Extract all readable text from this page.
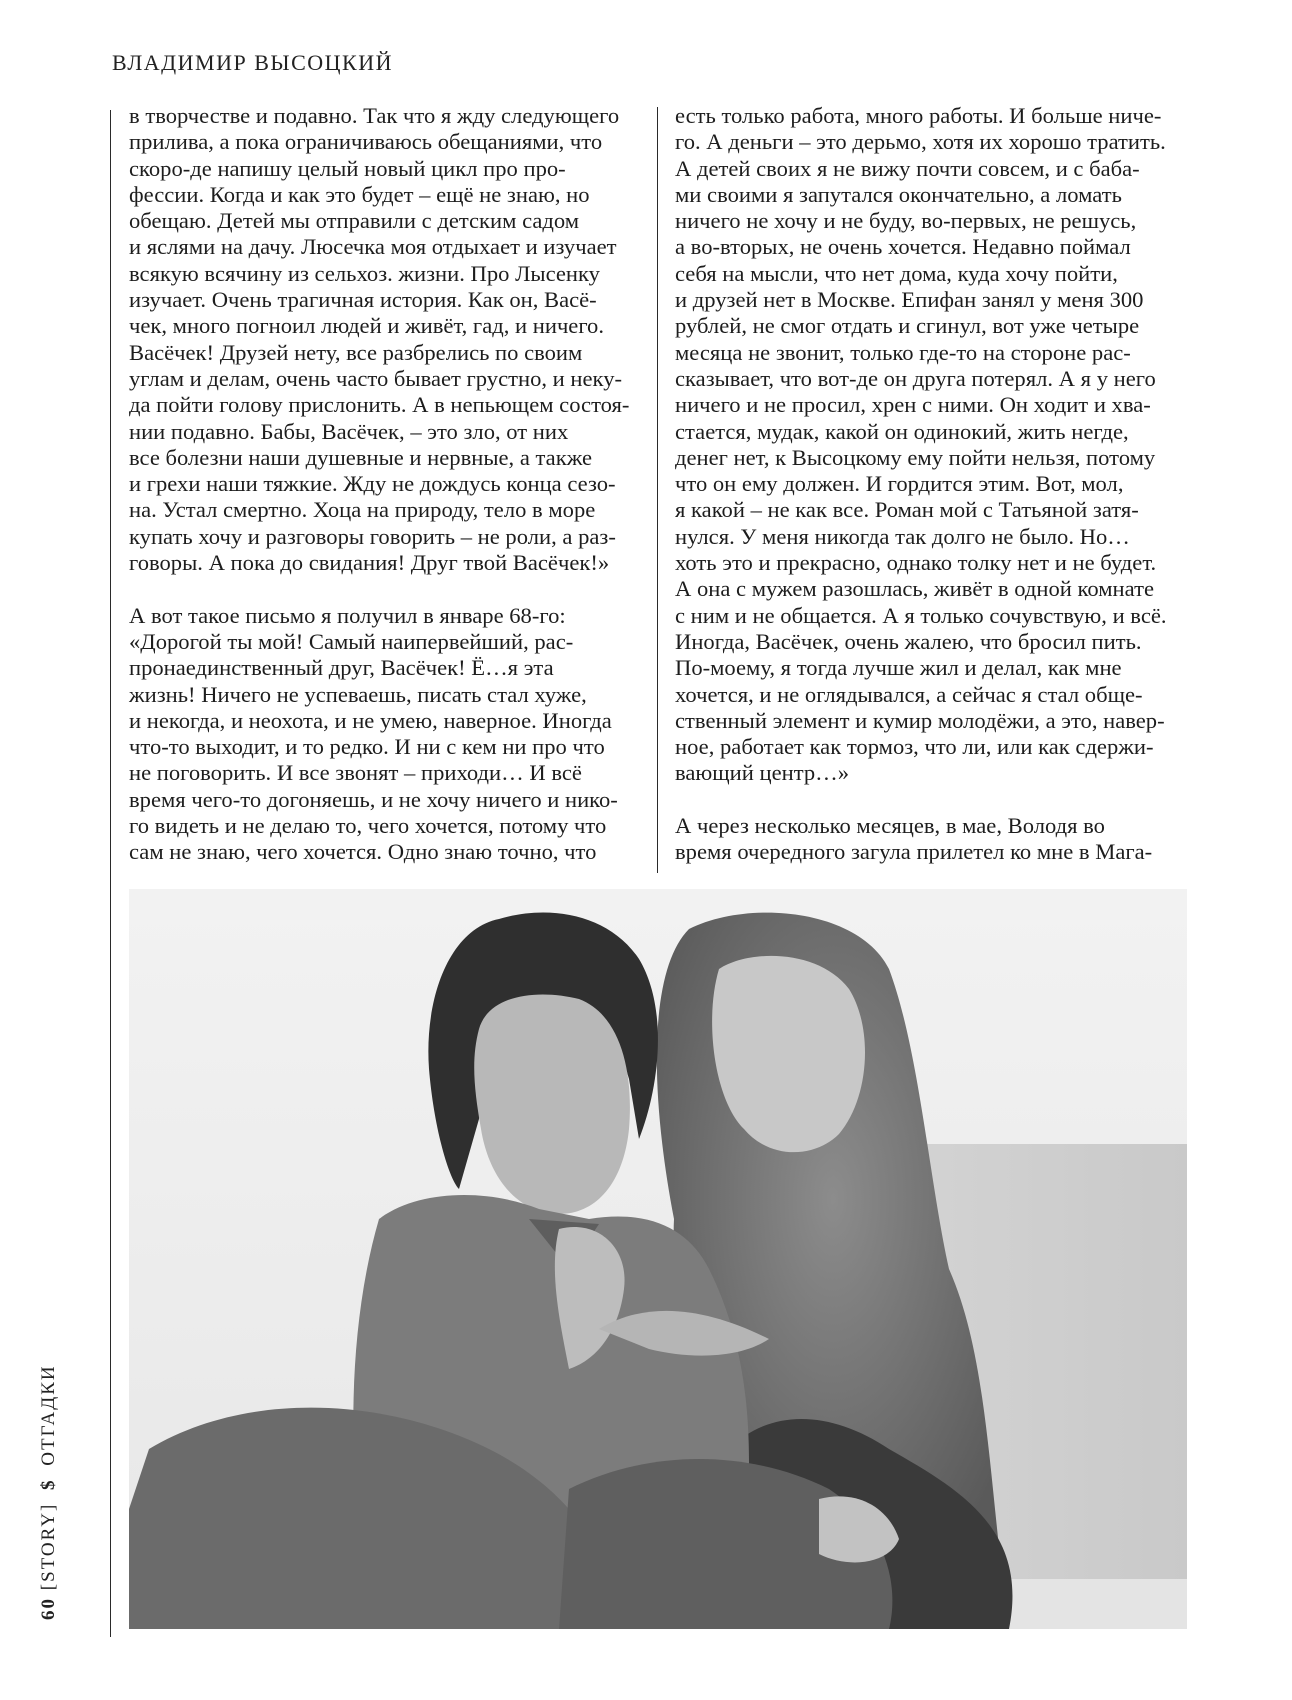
ВЛАДИМИР ВЫСОЦКИЙ
в творчестве и подавно. Так что я жду следующего
прилива, а пока ограничиваюсь обещаниями, что
скоро-де напишу целый новый цикл про про-
фессии. Когда и как это будет – ещё не знаю, но
обещаю. Детей мы отправили с детским садом
и яслями на дачу. Люсечка моя отдыхает и изучает
всякую всячину из сельхоз. жизни. Про Лысенку
изучает. Очень трагичная история. Как он, Васё-
чек, много погноил людей и живёт, гад, и ничего.
Васёчек! Друзей нету, все разбрелись по своим
углам и делам, очень часто бывает грустно, и неку-
да пойти голову прислонить. А в непьющем состоя-
нии подавно. Бабы, Васёчек, – это зло, от них
все болезни наши душевные и нервные, а также
и грехи наши тяжкие. Жду не дождусь конца сезо-
на. Устал смертно. Хоца на природу, тело в море
купать хочу и разговоры говорить – не роли, а раз-
говоры. А пока до свидания! Друг твой Васёчек!»
А вот такое письмо я получил в январе 68-го:
«Дорогой ты мой! Самый наипервейший, рас-
пронаединственный друг, Васёчек! Ё…я эта
жизнь! Ничего не успеваешь, писать стал хуже,
и некогда, и неохота, и не умею, наверное. Иногда
что-то выходит, и то редко. И ни с кем ни про что
не поговорить. И все звонят – приходи… И всё
время чего-то догоняешь, и не хочу ничего и нико-
го видеть и не делаю то, чего хочется, потому что
сам не знаю, чего хочется. Одно знаю точно, что
есть только работа, много работы. И больше ниче-
го. А деньги – это дерьмо, хотя их хорошо тратить.
А детей своих я не вижу почти совсем, и с баба-
ми своими я запутался окончательно, а ломать
ничего не хочу и не буду, во-первых, не решусь,
а во-вторых, не очень хочется. Недавно поймал
себя на мысли, что нет дома, куда хочу пойти,
и друзей нет в Москве. Епифан занял у меня 300
рублей, не смог отдать и сгинул, вот уже четыре
месяца не звонит, только где-то на стороне рас-
сказывает, что вот-де он друга потерял. А я у него
ничего и не просил, хрен с ними. Он ходит и хва-
стается, мудак, какой он одинокий, жить негде,
денег нет, к Высоцкому ему пойти нельзя, потому
что он ему должен. И гордится этим. Вот, мол,
я какой – не как все. Роман мой с Татьяной затя-
нулся. У меня никогда так долго не было. Но…
хоть это и прекрасно, однако толку нет и не будет.
А она с мужем разошлась, живёт в одной комнате
с ним и не общается. А я только сочувствую, и всё.
Иногда, Васёчек, очень жалею, что бросил пить.
По-моему, я тогда лучше жил и делал, как мне
хочется, и не оглядывался, а сейчас я стал обще-
ственный элемент и кумир молодёжи, а это, навер-
ное, работает как тормоз, что ли, или как сдержи-
вающий центр…»
А через несколько месяцев, в мае, Володя во
время очередного загула прилетел ко мне в Мага-
60 [STORY] $ ОТГАДКИ
